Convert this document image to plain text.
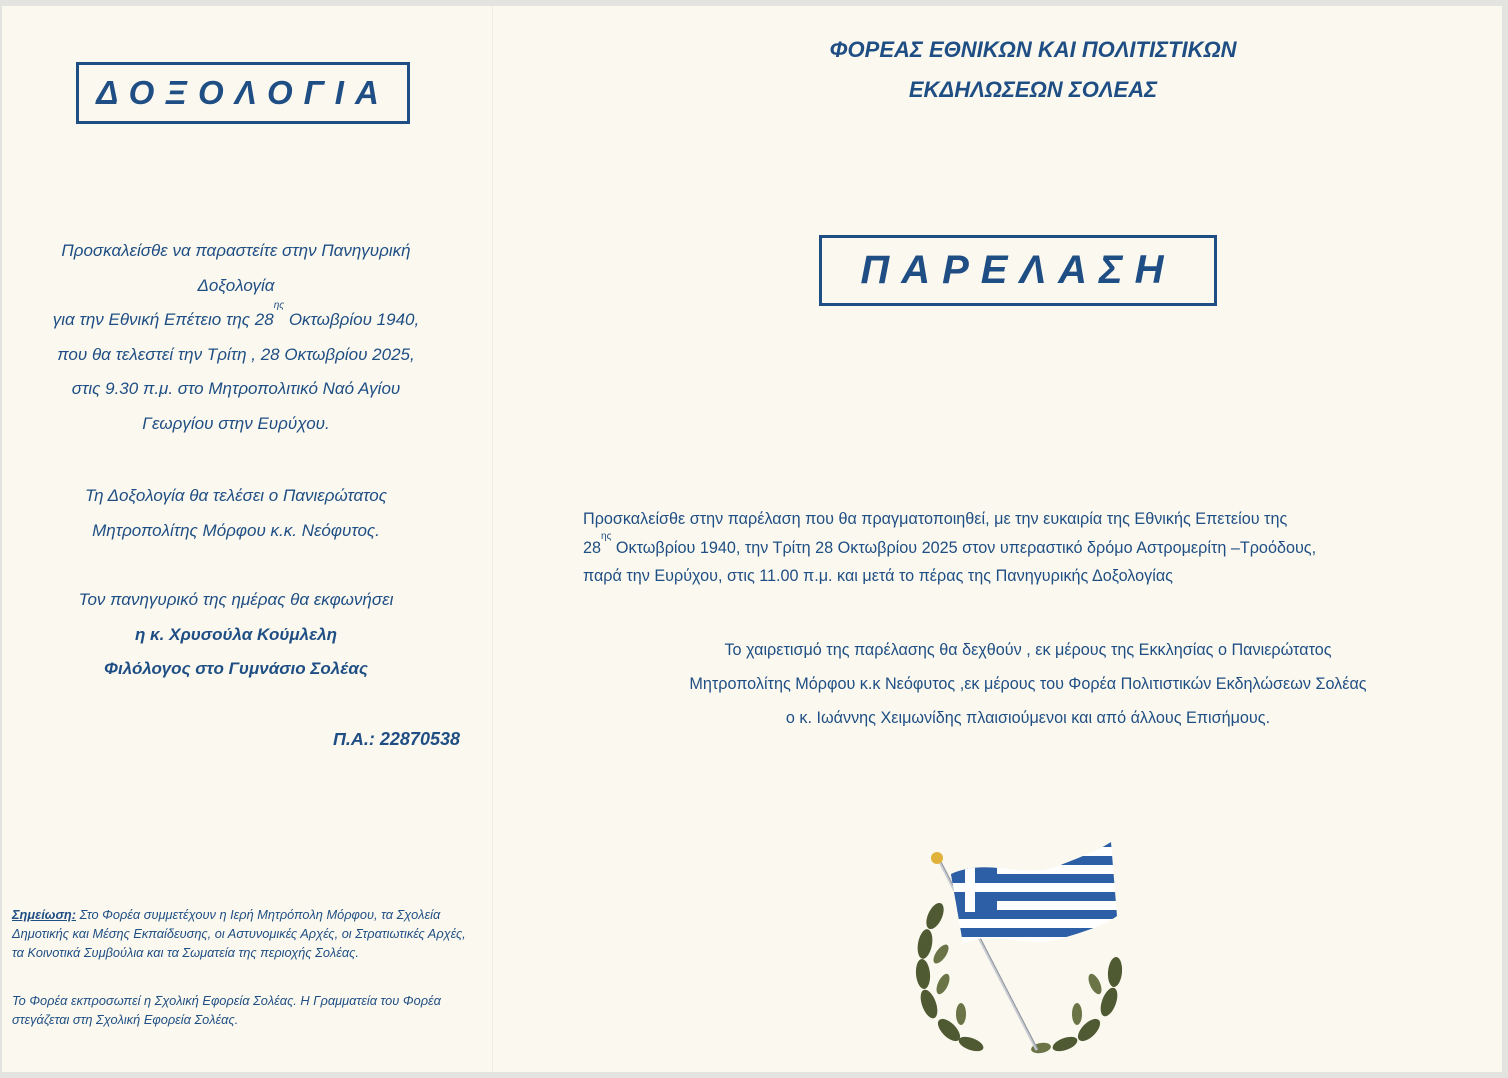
ΔΟΞΟΛΟΓΙΑ
Προσκαλείσθε να παραστείτε στην Πανηγυρική
Δοξολογία
για την Εθνική Επέτειο της $28^{\eta\varsigma}$ Οκτωβρίου 1940,
που θα τελεστεί την Τρίτη , 28 Οκτωβρίου 2025,
στις 9.30 π.μ. στο Μητροπολιτικό Ναό Αγίου
Γεωργίου στην Ευρύχου.
Τη Δοξολογία θα τελέσει ο Πανιερώτατος
Μητροπολίτης Μόρφου κ.κ. Νεόφυτος.
Τον πανηγυρικό της ημέρας θα εκφωνήσει
η κ. Χρυσούλα Κούμλελη
Φιλόλογος στο Γυμνάσιο Σολέας
Π.Α.: 22870538
Σημείωση: Στο Φορέα συμμετέχουν η Ιερή Μητρόπολη Μόρφου, τα Σχολεία Δημοτικής και Μέσης Εκπαίδευσης, οι Αστυνομικές Αρχές, οι Στρατιωτικές Αρχές, τα Κοινοτικά Συμβούλια και τα Σωματεία της περιοχής Σολέας.
Το Φορέα εκπροσωπεί η Σχολική Εφορεία Σολέας. Η Γραμματεία του Φορέα στεγάζεται στη Σχολική Εφορεία Σολέας.
ΦΟΡΕΑΣ ΕΘΝΙΚΩΝ ΚΑΙ ΠΟΛΙΤΙΣΤΙΚΩΝ
ΕΚΔΗΛΩΣΕΩΝ ΣΟΛΕΑΣ
ΠΑΡΕΛΑΣΗ
Προσκαλείσθε στην παρέλαση που θα πραγματοποιηθεί, με την ευκαιρία της Εθνικής Επετείου της
$28^{\eta\varsigma}$ Οκτωβρίου 1940, την Τρίτη 28 Οκτωβρίου 2025 στον υπεραστικό δρόμο Αστρομερίτη –Τροόδους,
παρά την Ευρύχου, στις 11.00 π.μ. και μετά το πέρας της Πανηγυρικής Δοξολογίας
Το χαιρετισμό της παρέλασης θα δεχθούν , εκ μέρους της Εκκλησίας ο Πανιερώτατος
Μητροπολίτης Μόρφου κ.κ Νεόφυτος ,εκ μέρους του Φορέα Πολιτιστικών Εκδηλώσεων Σολέας
ο κ. Ιωάννης Χειμωνίδης πλαισιούμενοι και από άλλους Επισήμους.
